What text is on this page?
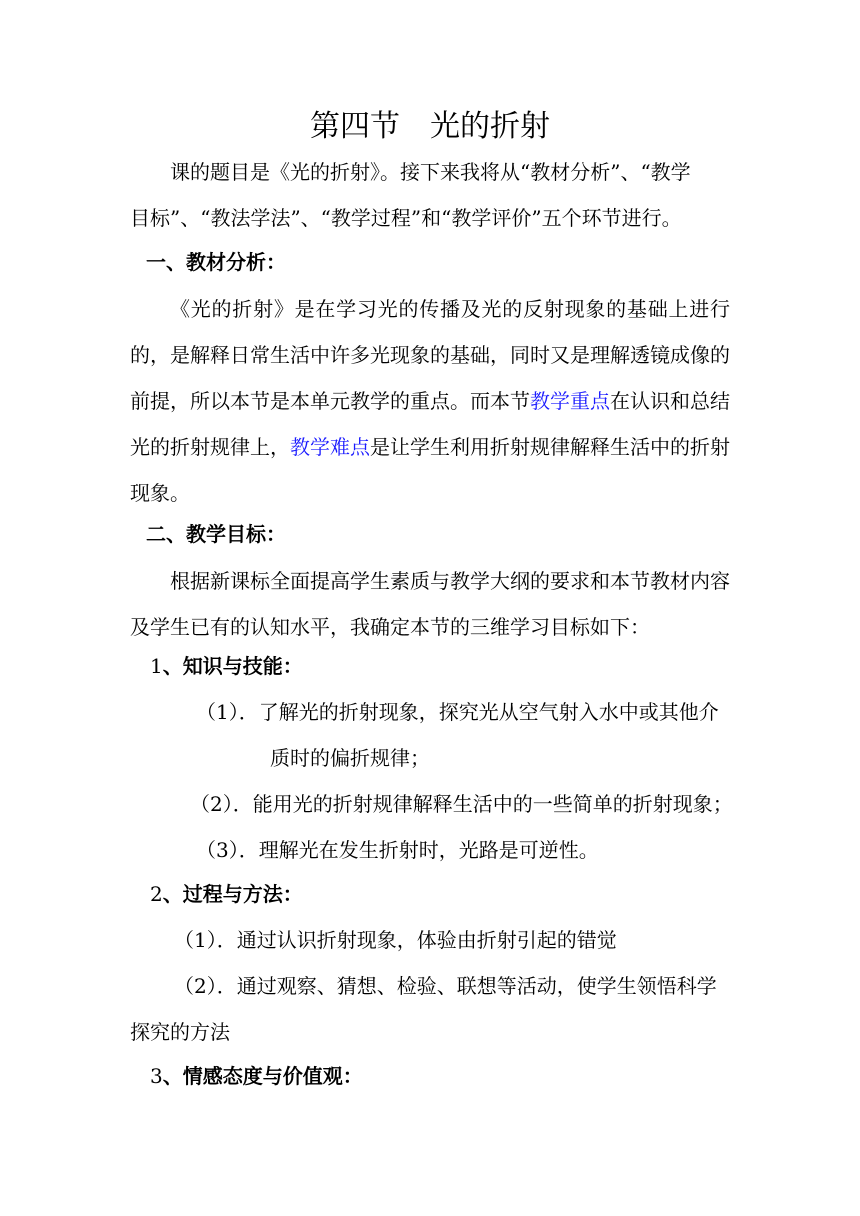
第四节　光的折射
课的题目是《光的折射》。接下来我将从“教材分析”、“教学
目标”、“教法学法”、“教学过程”和“教学评价”五个环节进行。
一、教材分析：

《光的折射》是在学习光的传播及光的反射现象的基础上进行的，是解释日常生活中许多光现象的基础，同时又是理解透镜成像的前提，所以本节是本单元教学的重点。而本节教学重点在认识和总结光的折射规律上，教学难点是让学生利用折射规律解释生活中的折射现象。

二、教学目标：

根据新课标全面提高学生素质与教学大纲的要求和本节教材内容及学生已有的认知水平，我确定本节的三维学习目标如下：

1、知识与技能：
（1）．了解光的折射现象，探究光从空气射入水中或其他介
质时的偏折规律；
（2）．能用光的折射规律解释生活中的一些简单的折射现象；
（3）．理解光在发生折射时，光路是可逆性。
2、过程与方法：
（1）．通过认识折射现象，体验由折射引起的错觉
（2）．通过观察、猜想、检验、联想等活动，使学生领悟科学
探究的方法
3、情感态度与价值观：
